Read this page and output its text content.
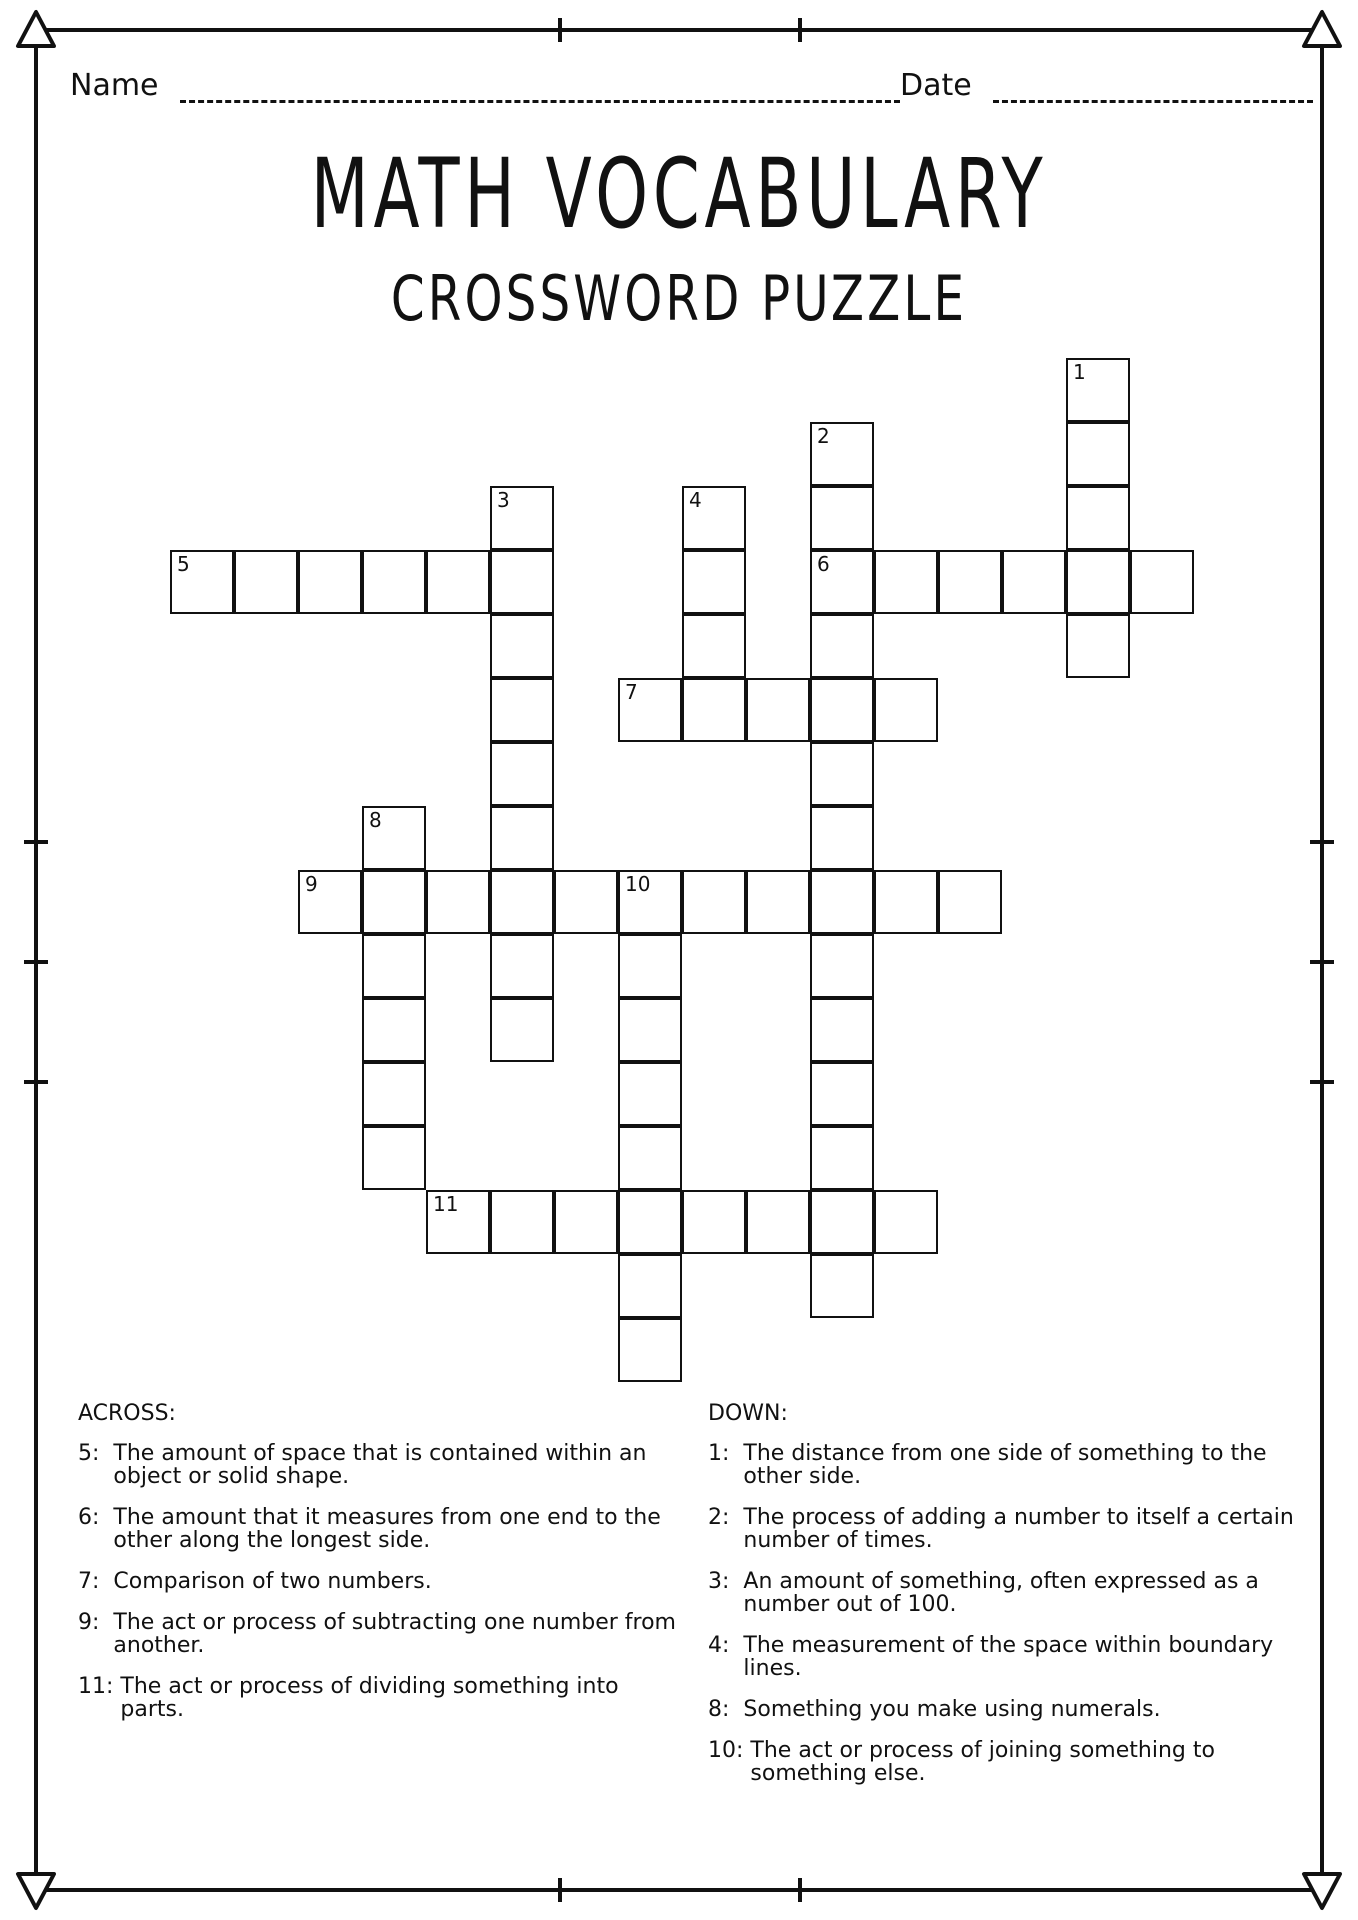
Name	Date
MATH VOCABULARY
CROSSWORD PUZZLE
1
2
3	4
5	6
7
8
9	10
11
ACROSS:
5: The amount of space that is contained within an object or solid shape.
6: The amount that it measures from one end to the other along the longest side.
7: Comparison of two numbers.
9: The act or process of subtracting one number from another.
11: The act or process of dividing something into parts.
DOWN:
1: The distance from one side of something to the other side.
2: The process of adding a number to itself a certain number of times.
3: An amount of something, often expressed as a number out of 100.
4: The measurement of the space within boundary lines.
8: Something you make using numerals.
10: The act or process of joining something to something else.
